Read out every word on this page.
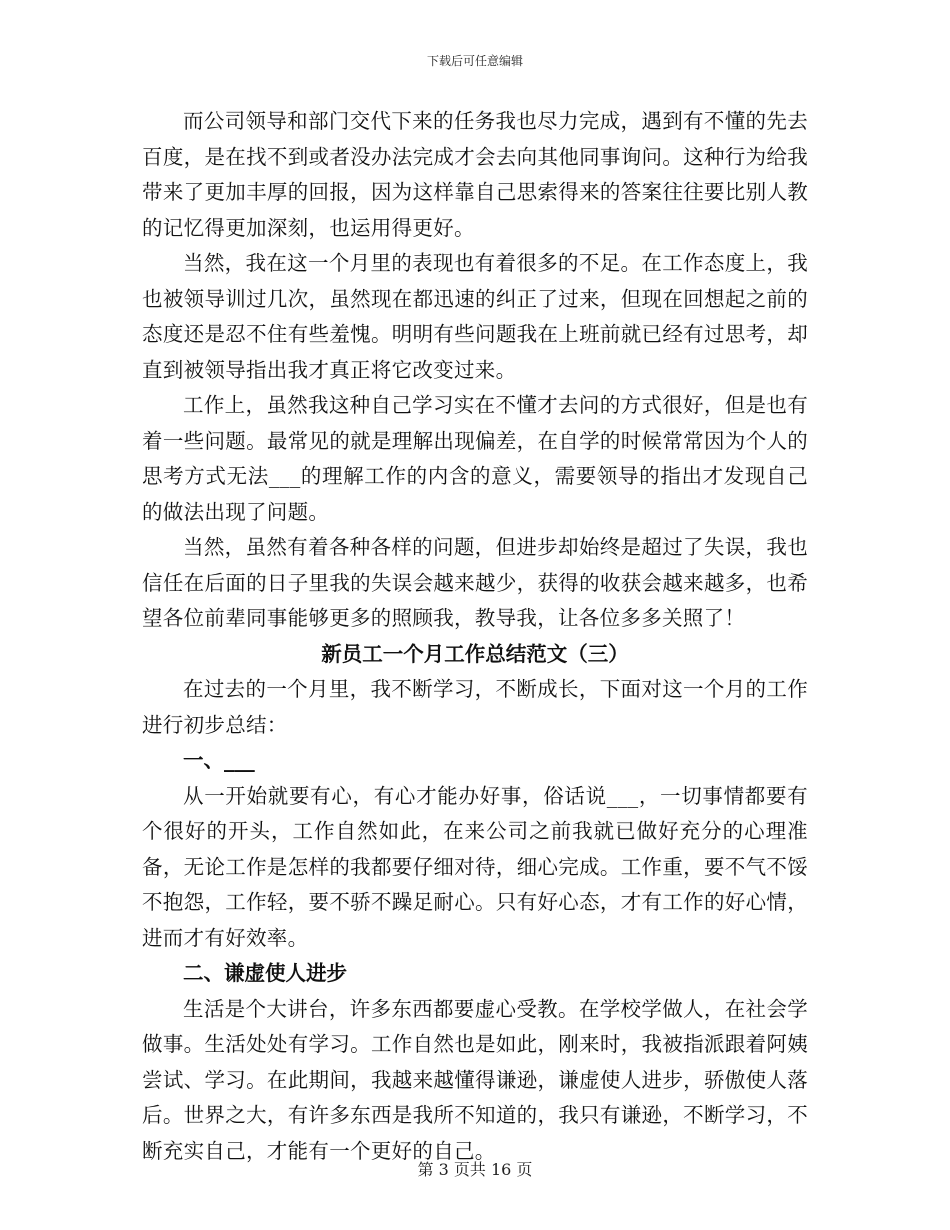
下载后可任意编辑

而公司领导和部门交代下来的任务我也尽力完成，遇到有不懂的先去百度，是在找不到或者没办法完成才会去向其他同事询问。这种行为给我带来了更加丰厚的回报，因为这样靠自己思索得来的答案往往要比别人教的记忆得更加深刻，也运用得更好。

当然，我在这一个月里的表现也有着很多的不足。在工作态度上，我也被领导训过几次，虽然现在都迅速的纠正了过来，但现在回想起之前的态度还是忍不住有些羞愧。明明有些问题我在上班前就已经有过思考，却直到被领导指出我才真正将它改变过来。

工作上，虽然我这种自己学习实在不懂才去问的方式很好，但是也有着一些问题。最常见的就是理解出现偏差，在自学的时候常常因为个人的思考方式无法___的理解工作的内含的意义，需要领导的指出才发现自己的做法出现了问题。

当然，虽然有着各种各样的问题，但进步却始终是超过了失误，我也信任在后面的日子里我的失误会越来越少，获得的收获会越来越多，也希望各位前辈同事能够更多的照顾我，教导我，让各位多多关照了！

新员工一个月工作总结范文（三）

在过去的一个月里，我不断学习，不断成长，下面对这一个月的工作进行初步总结：

一、___

从一开始就要有心，有心才能办好事，俗话说___，一切事情都要有个很好的开头，工作自然如此，在来公司之前我就已做好充分的心理准备，无论工作是怎样的我都要仔细对待，细心完成。工作重，要不气不馁不抱怨，工作轻，要不骄不躁足耐心。只有好心态，才有工作的好心情，进而才有好效率。

二、谦虚使人进步

生活是个大讲台，许多东西都要虚心受教。在学校学做人，在社会学做事。生活处处有学习。工作自然也是如此，刚来时，我被指派跟着阿姨尝试、学习。在此期间，我越来越懂得谦逊，谦虚使人进步，骄傲使人落后。世界之大，有许多东西是我所不知道的，我只有谦逊，不断学习，不断充实自己，才能有一个更好的自己。

第 3 页共 16 页
